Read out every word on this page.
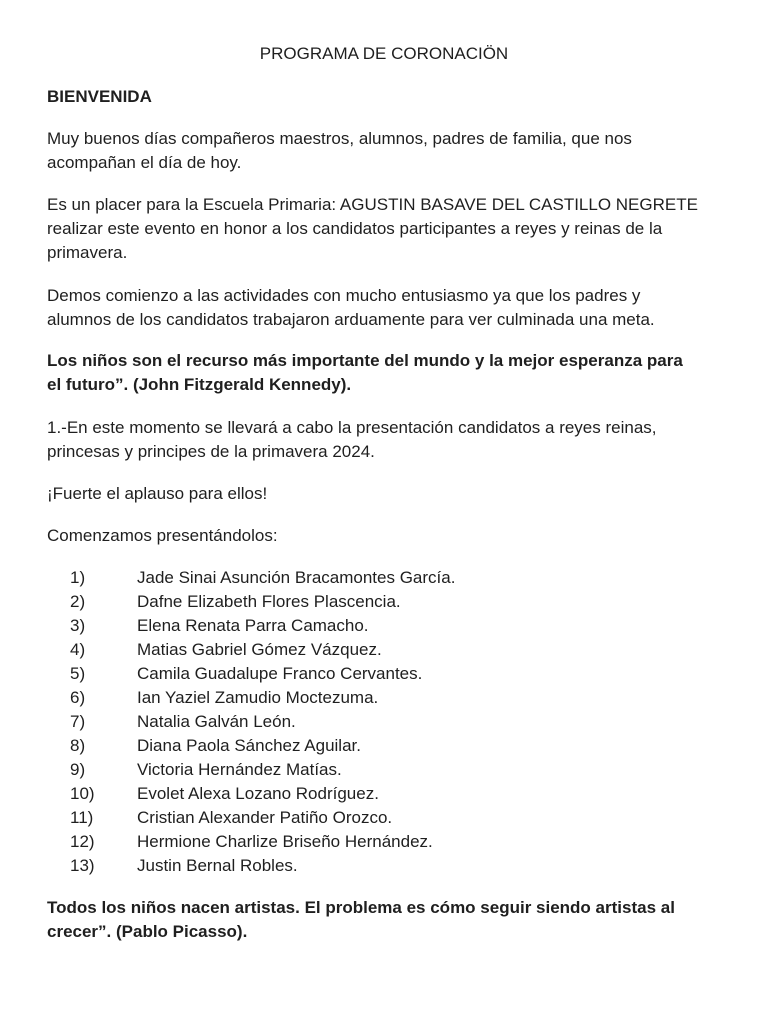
PROGRAMA DE CORONACIÖN
BIENVENIDA
Muy buenos días compañeros maestros, alumnos, padres de familia, que nos
acompañan el día de hoy.
Es un placer para la Escuela Primaria: AGUSTIN BASAVE DEL CASTILLO NEGRETE
realizar este evento en honor a los candidatos participantes a reyes y reinas de la
primavera.
Demos comienzo a las actividades con mucho entusiasmo ya que los padres y
alumnos de los candidatos trabajaron arduamente para ver culminada una meta.
Los niños son el recurso más importante del mundo y la mejor esperanza para
el futuro”. (John Fitzgerald Kennedy).
1.-En este momento se llevará a cabo la presentación candidatos a reyes reinas,
princesas y principes de la primavera 2024.
¡Fuerte el aplauso para ellos!
Comenzamos presentándolos:
1)	Jade Sinai Asunción Bracamontes García.
2)	Dafne Elizabeth Flores Plascencia.
3)	Elena Renata Parra Camacho.
4)	Matias Gabriel Gómez Vázquez.
5)	Camila Guadalupe Franco Cervantes.
6)	Ian Yaziel Zamudio Moctezuma.
7)	Natalia Galván León.
8)	Diana Paola Sánchez Aguilar.
9)	Victoria Hernández Matías.
10) Evolet Alexa Lozano Rodríguez.
11)	Cristian Alexander Patiño Orozco.
12) Hermione Charlize Briseño Hernández.
13) Justin Bernal Robles.
Todos los niños nacen artistas. El problema es cómo seguir siendo artistas al
crecer”. (Pablo Picasso).
